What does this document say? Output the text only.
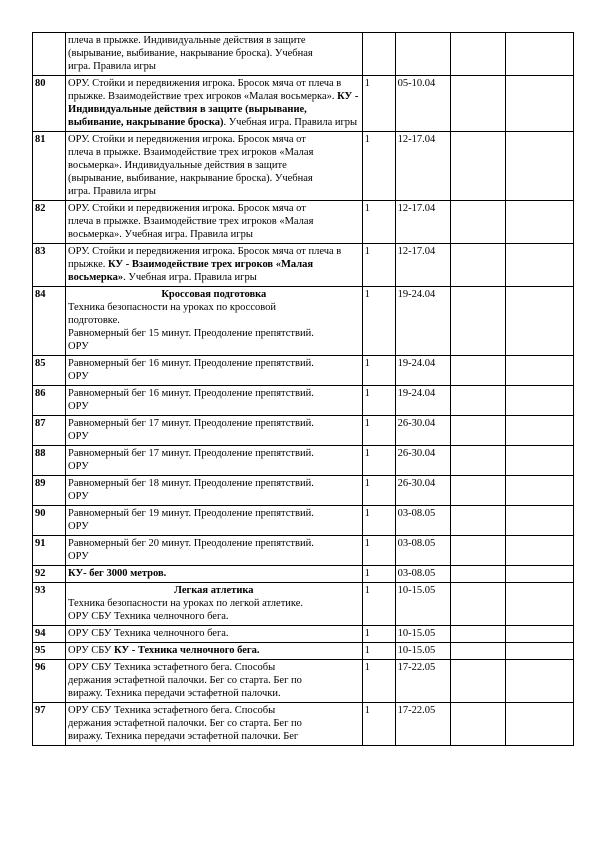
	плеча в прыжке. Индивидуальные действия в защите
(вырывание, выбивание, накрывание броска). Учебная
игра. Правила игры				

80	ОРУ. Стойки и передвижения игрока. Бросок мяча от плеча в прыжке. Взаимодействие трех игроков «Малая восьмерка». КУ - Индивидуальные действия в защите (вырывание, выбивание, накрывание броска). Учебная игра. Правила игры	1	05-10.04		
81	ОРУ. Стойки и передвижения игрока. Бросок мяча от
плеча в прыжке. Взаимодействие трех игроков «Малая
восьмерка». Индивидуальные действия в защите
(вырывание, выбивание, накрывание броска). Учебная
игра. Правила игры	1	12-17.04		
82	ОРУ. Стойки и передвижения игрока. Бросок мяча от
плеча в прыжке. Взаимодействие трех игроков «Малая
восьмерка». Учебная игра. Правила игры	1	12-17.04		
83	ОРУ. Стойки и передвижения игрока. Бросок мяча от плеча в прыжке. КУ - Взаимодействие трех игроков «Малая восьмерка». Учебная игра. Правила игры	1	12-17.04		
84	Кроссовая подготовка
Техника безопасности на уроках по кроссовой
подготовке.
Равномерный бег 15 минут. Преодоление препятствий.
ОРУ	1	19-24.04		
85	Равномерный бег 16 минут. Преодоление препятствий.
ОРУ	1	19-24.04		
86	Равномерный бег 16 минут. Преодоление препятствий.
ОРУ	1	19-24.04		
87	Равномерный бег 17 минут. Преодоление препятствий.
ОРУ	1	26-30.04		
88	Равномерный бег 17 минут. Преодоление препятствий.
ОРУ	1	26-30.04		
89	Равномерный бег 18 минут. Преодоление препятствий.
ОРУ	1	26-30.04		
90	Равномерный бег 19 минут. Преодоление препятствий.
ОРУ	1	03-08.05		
91	Равномерный бег 20 минут. Преодоление препятствий.
ОРУ	1	03-08.05		
92	КУ- бег 3000 метров.	1	03-08.05		
93	Легкая атлетика
Техника безопасности на уроках по легкой атлетике.
ОРУ СБУ Техника челночного бега.	1	10-15.05		
94	ОРУ СБУ Техника челночного бега.	1	10-15.05		
95	ОРУ СБУ КУ - Техника челночного бега.	1	10-15.05		
96	ОРУ СБУ Техника эстафетного бега. Способы
держания эстафетной палочки. Бег со старта. Бег по
виражу. Техника передачи эстафетной палочки.	1	17-22.05		
97	ОРУ СБУ Техника эстафетного бега. Способы
держания эстафетной палочки. Бег со старта. Бег по
виражу. Техника передачи эстафетной палочки. Бег	1	17-22.05		
